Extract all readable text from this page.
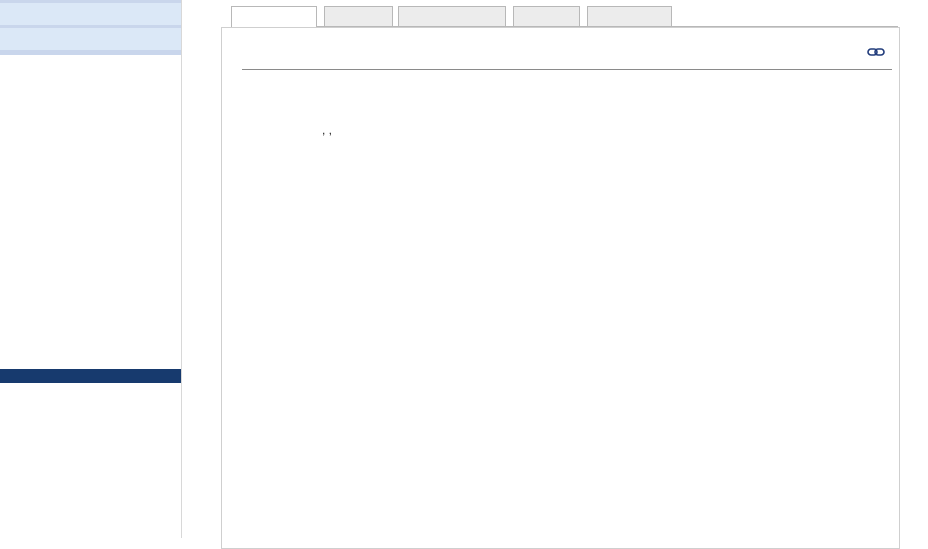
, ,
